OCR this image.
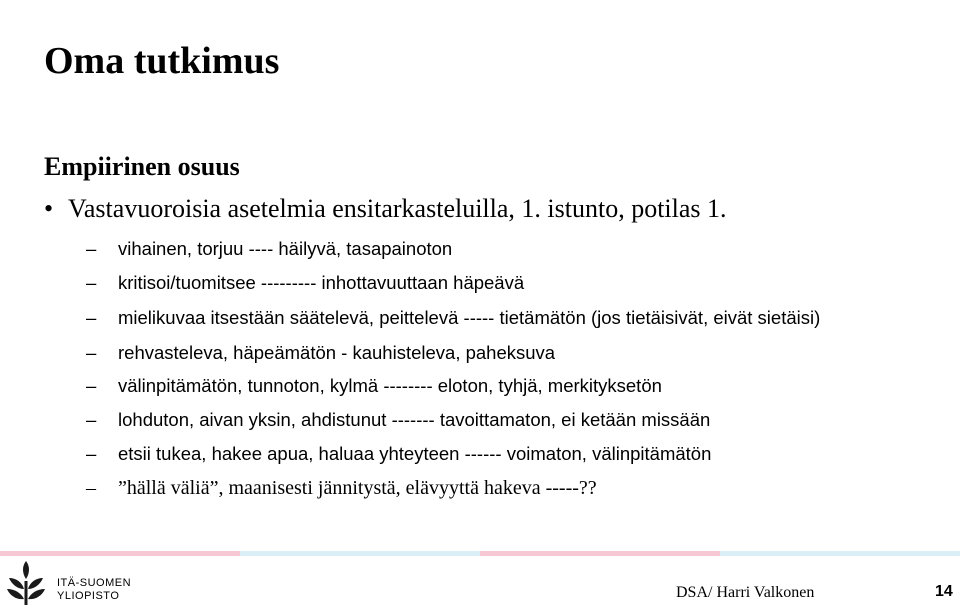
Oma tutkimus
Empiirinen osuus
• Vastavuoroisia asetelmia ensitarkasteluilla, 1. istunto, potilas 1.
– vihainen, torjuu ---- häilyvä, tasapainoton
– kritisoi/tuomitsee --------- inhottavuuttaan häpeävä
– mielikuvaa itsestään säätelevä, peittelevä ----- tietämätön (jos tietäisivät, eivät sietäisi)
– rehvasteleva, häpeämätön - kauhisteleva, paheksuva
– välinpitämätön, tunnoton, kylmä -------- eloton, tyhjä, merkityksetön
– lohduton, aivan yksin, ahdistunut ------- tavoittamaton, ei ketään missään
– etsii tukea, hakee apua, haluaa yhteyteen ------ voimaton, välinpitämätön
– ”hällä väliä”, maanisesti jännitystä, elävyyttä hakeva -----??
ITÄ-SUOMEN
YLIOPISTO	DSA/ Harri Valkonen	14
